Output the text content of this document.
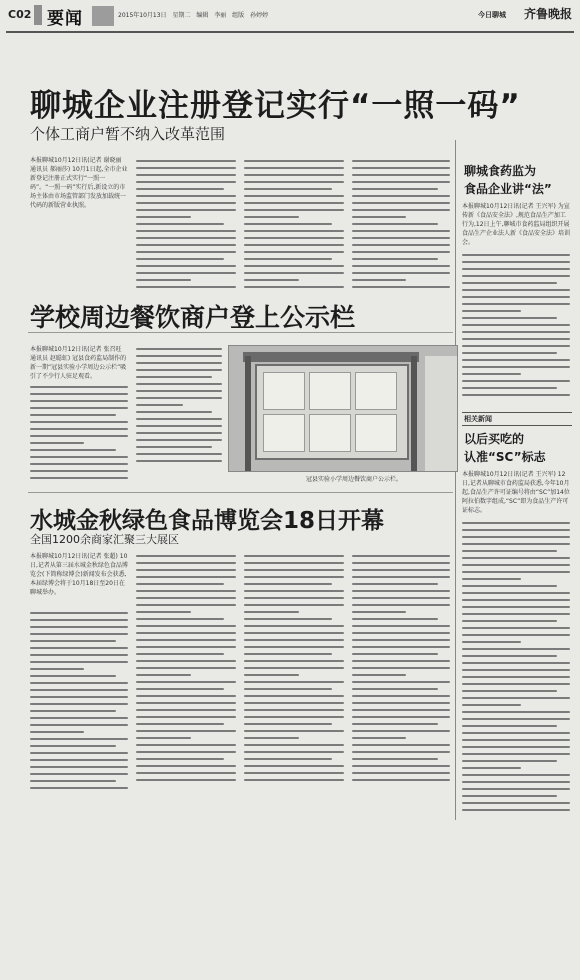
C02 要闻	2015年10月13日 星期二 编辑 李丽 组版 孙婷婷	今日聊城 齐鲁晚报
聊城企业注册登记实行“一照一码”
个体工商户暂不纳入改革范围
本报聊城10月12日讯(记者 谢晓丽 通讯员 郝丽莎) 10月1日起,全市企业新登记注册正式实行“一照一码”。“一照一码”实行后,新设立的市场主体由市场监管部门发放加载统一代码的新版营业执照。
聊城食药监为
食品企业讲“法”
本报聊城10月12日讯(记者 王兴军) 为宣传新《食品安全法》,规范食品生产加工行为,12日上午,聊城市食药监局组织开展食品生产企业法人新《食品安全法》培训会。
相关新闻
以后买吃的
认准“SC”标志
本报聊城10月12日讯(记者 王兴军) 12日,记者从聊城市食药监局获悉,今年10月起,食品生产许可证编号将由“SC”加14位阿拉伯数字组成,“SC”即为食品生产许可证标志。
学校周边餐饮商户登上公示栏
本报聊城10月12日讯(记者 张召旺 通讯员 赵聪虹) 冠县食药监局制作的新一期“冠县实验小学周边公示栏”吸引了不少行人驻足观看。
冠县实验小学周边餐饮商户公示栏。
水城金秋绿色食品博览会18日开幕
全国1200余商家汇聚三大展区
本报聊城10月12日讯(记者 张超) 10日,记者从第三届水城金秋绿色食品博览会(下简称绿博会)新闻发布会获悉,本届绿博会将于10月18日至20日在聊城举办。
